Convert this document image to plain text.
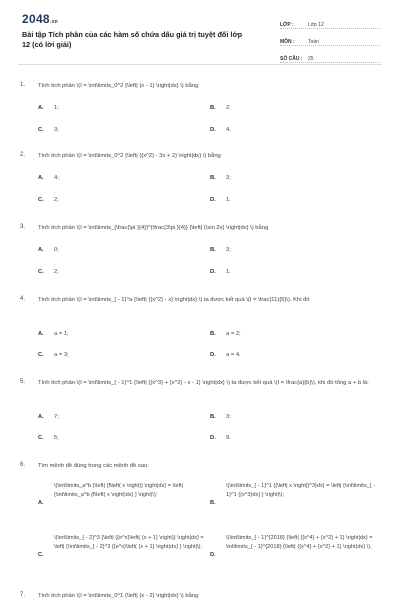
2048.vn
Bài tập Tích phân của các hàm số chứa dấu giá trị tuyệt đối lớp 12 (có lời giải)
LỚP :	Lớp 12
MÔN :	Toán
SỐ CÂU :	25
1. Tính tích phân \(I = \int\limits_0^2 {\left| {x - 1} \right|dx} \) bằng
A. 1;	B. 2;
C. 3;	D. 4.
2. Tính tích phân \(I = \int\limits_0^2 {\left| {{x^2} - 3x + 2} \right|dx} \) bằng
A. 4;	B. 3;
C. 2;	D. 1.
3. Tính tích phân \(I = \int\limits_{\frac{\pi }{4}}^{\frac{3\pi }{4}} {\left| {\sin 2x} \right|dx} \) bằng
A. 0;	B. 3;
C. 2;	D. 1.
4. Tính tích phân \(I = \int\limits_{ - 1}^a {\left| {{x^2} - x} \right|dx} \) ta được kết quả \(I = \frac{11}{6}\). Khi đó
A. a = 1;	B. a = 2;
C. a = 3;	D. a = 4.
5. Tính tích phân \(I = \int\limits_{ - 1}^1 {\left| {{x^3} + {x^2} - x - 1} \right|dx} \) ta được kết quả \(I = \frac{a}{b}\), khi đó tổng a + b là:
A. 7;	B. 3;
C. 5;	D. 9.
6. Tìm mệnh đề đúng trong các mệnh đề sau:
A.
\(\int\limits_a^b {\left| {f\left( x \right)} \right|dx} = \left| {\int\limits_a^b {f\left( x \right)dx} } \right|\);
B.
\(\int\limits_{ - 1}^1 {{\left| x \right|}^3}dx} = \left| {\int\limits_{ - 1}^1 {{x^3}dx} } \right|\);
C.
\(\int\limits_{ - 2}^3 {\left| {{e^x}\left( {x + 1} \right)} \right|dx} = \left| {\int\limits_{ - 2}^3 {{e^x}\left( {x + 1} \right)dx} } \right|\);
D.
\(\int\limits_{ - 1}^{2018} {\left| {{x^4} + {x^2} + 1} \right|dx} = \int\limits_{ - 1}^{2018} {\left( {{x^4} + {x^2} + 1} \right)dx} \).
7. Tính tích phân \(I = \int\limits_0^1 {\left| {x - 2} \right|dx} \) bằng
